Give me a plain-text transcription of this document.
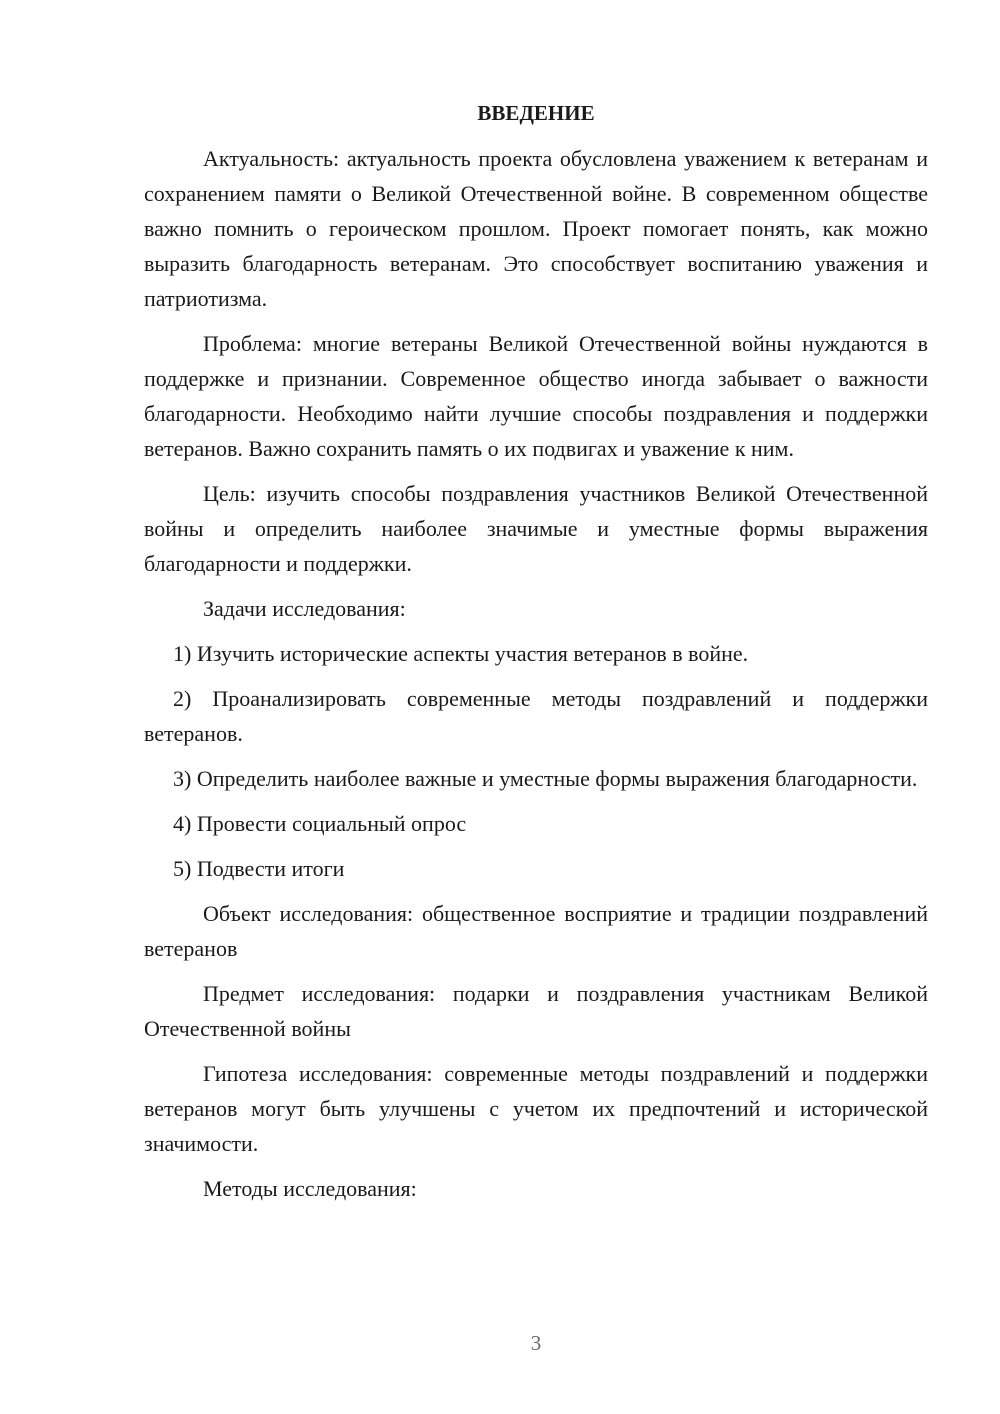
ВВЕДЕНИЕ

Актуальность: актуальность проекта обусловлена уважением к ветеранам и сохранением памяти о Великой Отечественной войне. В современном обществе важно помнить о героическом прошлом. Проект помогает понять, как можно выразить благодарность ветеранам. Это способствует воспитанию уважения и патриотизма.

Проблема: многие ветераны Великой Отечественной войны нуждаются в поддержке и признании. Современное общество иногда забывает о важности благодарности. Необходимо найти лучшие способы поздравления и поддержки ветеранов. Важно сохранить память о их подвигах и уважение к ним.

Цель: изучить способы поздравления участников Великой Отечественной войны и определить наиболее значимые и уместные формы выражения благодарности и поддержки.

Задачи исследования:

1) Изучить исторические аспекты участия ветеранов в войне.

2) Проанализировать современные методы поздравлений и поддержки ветеранов.

3) Определить наиболее важные и уместные формы выражения благодарности.

4) Провести социальный опрос

5) Подвести итоги

Объект исследования: общественное восприятие и традиции поздравлений ветеранов

Предмет исследования: подарки и поздравления участникам Великой Отечественной войны

Гипотеза исследования: современные методы поздравлений и поддержки ветеранов могут быть улучшены с учетом их предпочтений и исторической значимости.

Методы исследования:

3
